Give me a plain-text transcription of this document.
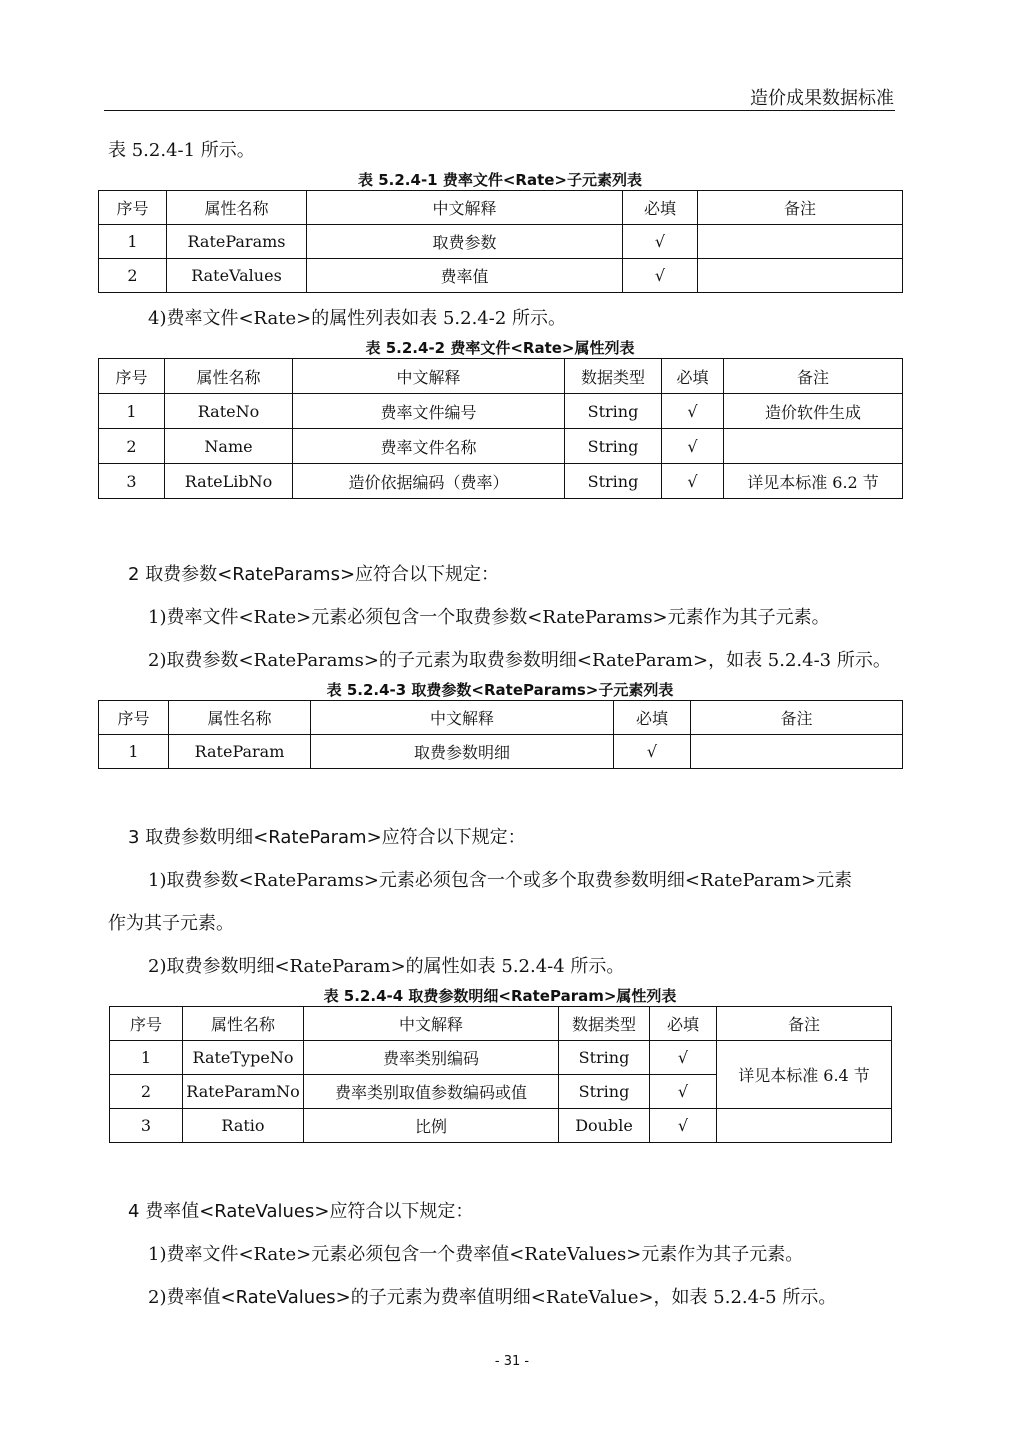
造价成果数据标准
表 5.2.4-1 所示。
表 5.2.4-1 费率文件<Rate>子元素列表
序号	属性名称	中文解释	必填	备注
1	RateParams	取费参数	√	
2	RateValues	费率值	√	
4)费率文件<Rate>的属性列表如表 5.2.4-2 所示。
表 5.2.4-2 费率文件<Rate>属性列表
序号	属性名称	中文解释	数据类型	必填	备注
1	RateNo	费率文件编号	String	√	造价软件生成
2	Name	费率文件名称	String	√	
3	RateLibNo	造价依据编码（费率）	String	√	详见本标准 6.2 节
2 取费参数<RateParams>应符合以下规定：
1)费率文件<Rate>元素必须包含一个取费参数<RateParams>元素作为其子元素。
2)取费参数<RateParams>的子元素为取费参数明细<RateParam>，如表 5.2.4-3 所示。
表 5.2.4-3 取费参数<RateParams>子元素列表
序号	属性名称	中文解释	必填	备注
1	RateParam	取费参数明细	√	
3 取费参数明细<RateParam>应符合以下规定：
1)取费参数<RateParams>元素必须包含一个或多个取费参数明细<RateParam>元素
作为其子元素。
2)取费参数明细<RateParam>的属性如表 5.2.4-4 所示。
表 5.2.4-4 取费参数明细<RateParam>属性列表
序号	属性名称	中文解释	数据类型	必填	备注
1	RateTypeNo	费率类别编码	String	√	详见本标准 6.4 节
2	RateParamNo	费率类别取值参数编码或值	String	√	
3	Ratio	比例	Double	√	
4 费率值<RateValues>应符合以下规定：
1)费率文件<Rate>元素必须包含一个费率值<RateValues>元素作为其子元素。
2)费率值<RateValues>的子元素为费率值明细<RateValue>，如表 5.2.4-5 所示。
- 31 -
